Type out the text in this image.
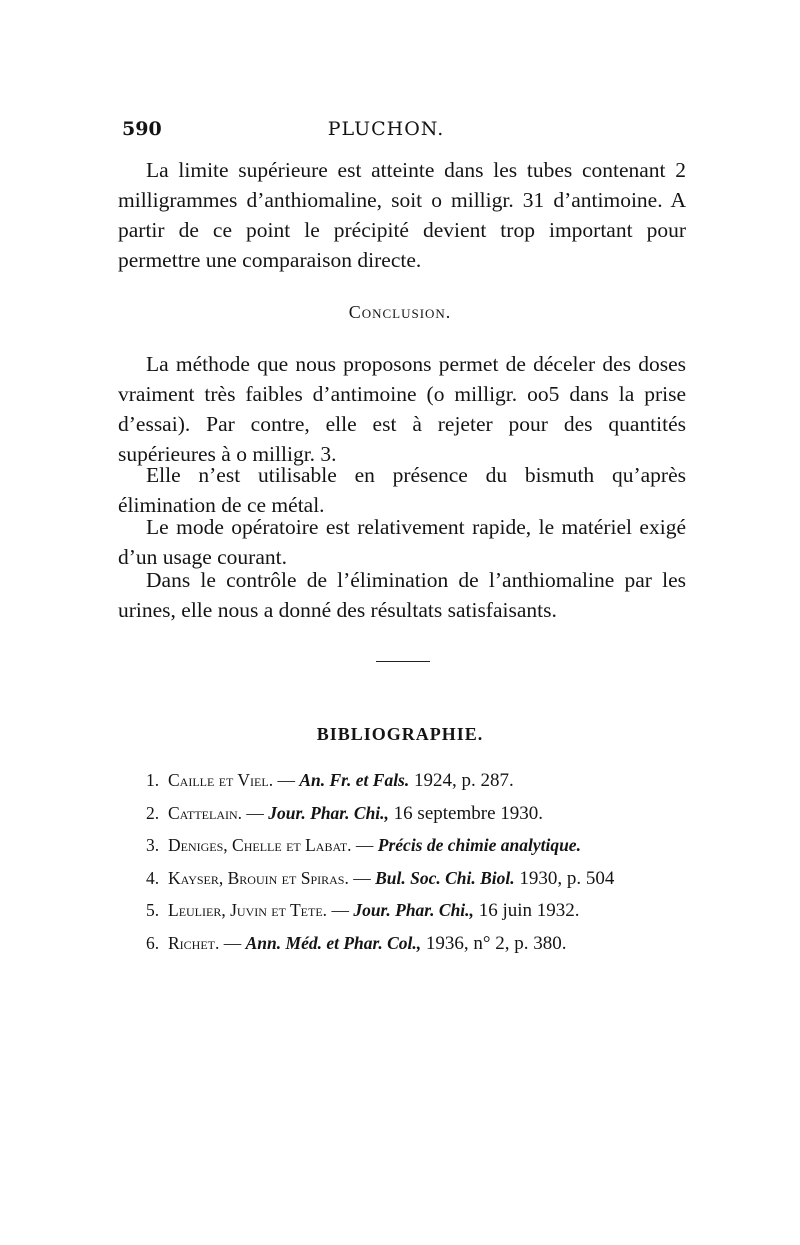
590	PLUCHON.

La limite supérieure est atteinte dans les tubes contenant 2 milligrammes d’anthiomaline, soit o milligr. 31 d’antimoine. A partir de ce point le précipité devient trop important pour permettre une comparaison directe.

Conclusion.

La méthode que nous proposons permet de déceler des doses vraiment très faibles d’antimoine (o milligr. oo5 dans la prise d’essai). Par contre, elle est à rejeter pour des quantités supérieures à o milligr. 3.

Elle n’est utilisable en présence du bismuth qu’après élimination de ce métal.

Le mode opératoire est relativement rapide, le matériel exigé d’un usage courant.

Dans le contrôle de l’élimination de l’anthiomaline par les urines, elle nous a donné des résultats satisfaisants.

BIBLIOGRAPHIE.
1. Caille et Viel. — An. Fr. et Fals. 1924, p. 287.
2. Cattelain. — Jour. Phar. Chi., 16 septembre 1930.
3. Deniges, Chelle et Labat. — Précis de chimie analytique.
4. Kayser, Brouin et Spiras. — Bul. Soc. Chi. Biol. 1930, p. 504
5. Leulier, Juvin et Tete. — Jour. Phar. Chi., 16 juin 1932.
6. Richet. — Ann. Méd. et Phar. Col., 1936, n° 2, p. 380.
